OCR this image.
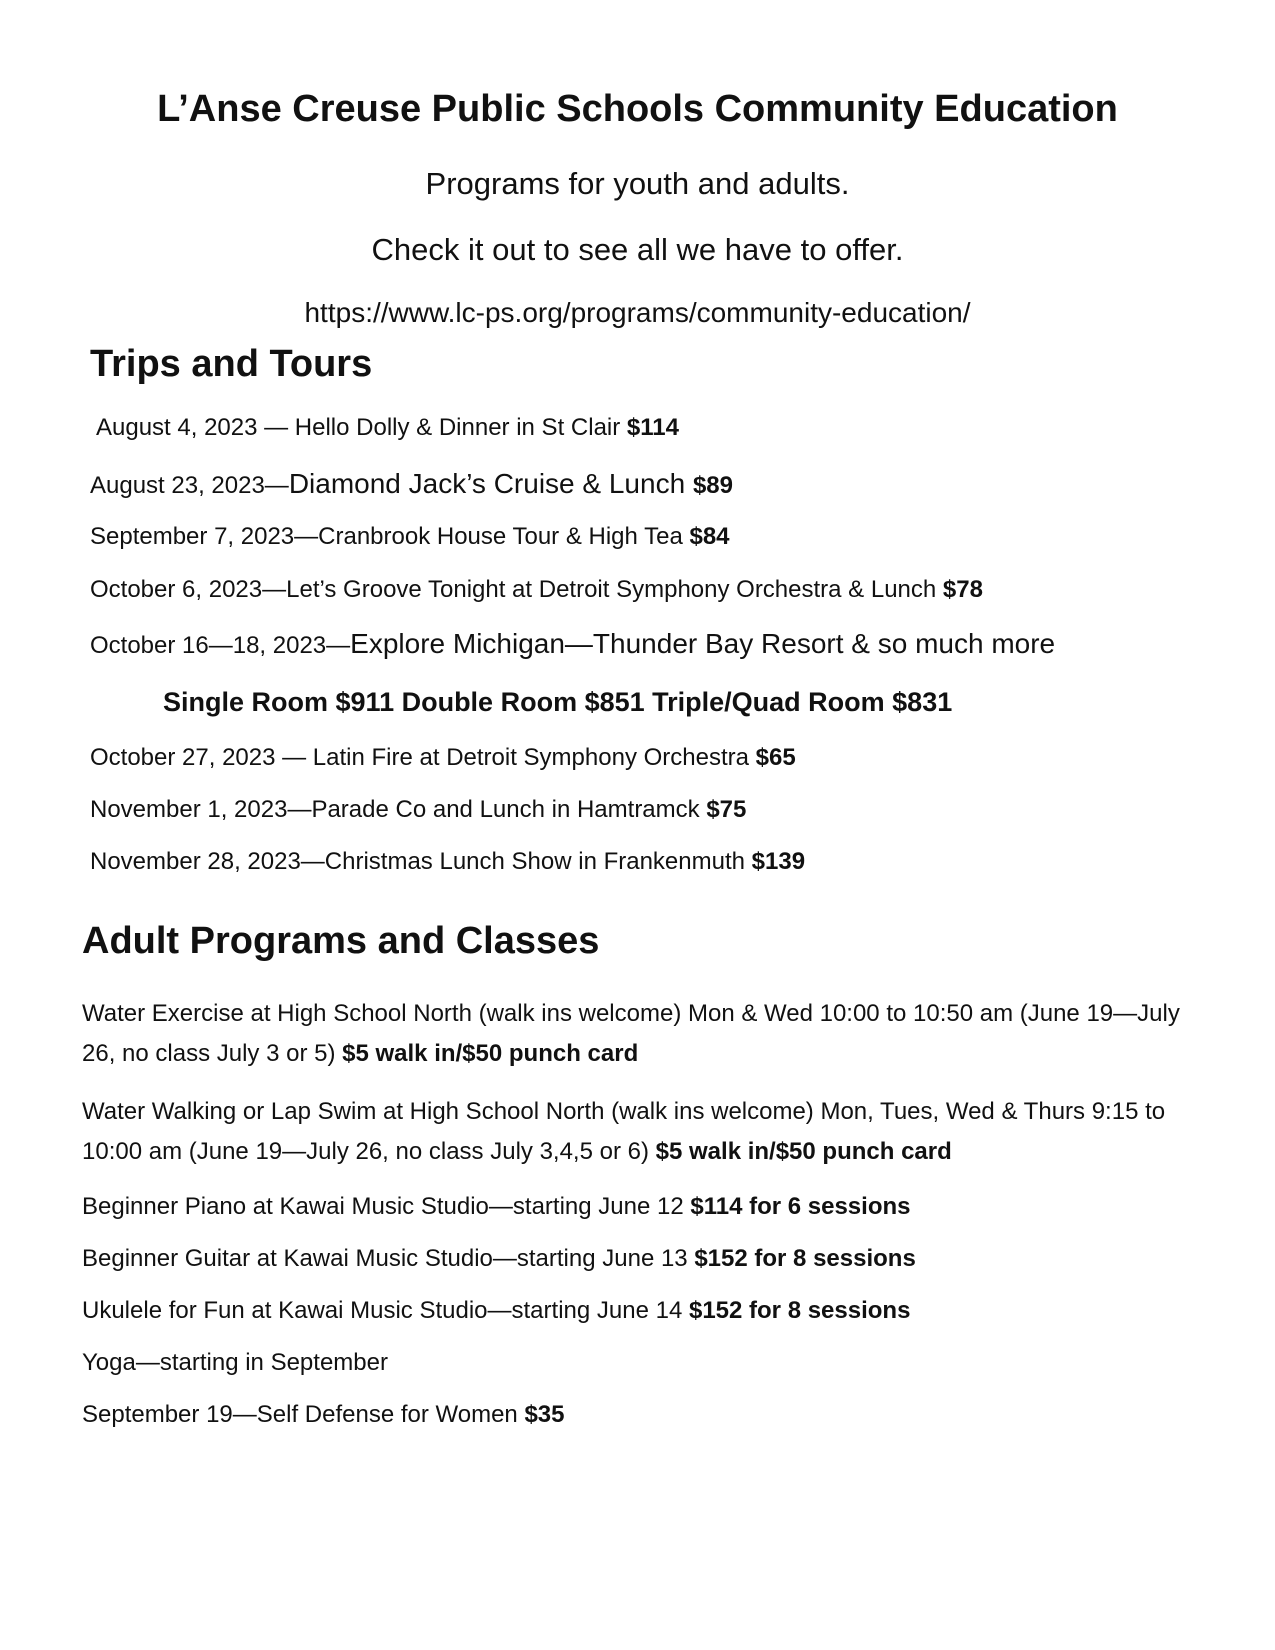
L’Anse Creuse Public Schools Community Education
Programs for youth and adults.
Check it out to see all we have to offer.
https://www.lc-ps.org/programs/community-education/
Trips and Tours
August 4, 2023 — Hello Dolly & Dinner in St Clair $114
August 23, 2023—Diamond Jack’s Cruise & Lunch $89
September 7, 2023—Cranbrook House Tour & High Tea $84
October 6, 2023—Let’s Groove Tonight at Detroit Symphony Orchestra & Lunch $78
October 16—18, 2023—Explore Michigan—Thunder Bay Resort & so much more
Single Room $911 Double Room $851 Triple/Quad Room $831
October 27, 2023 — Latin Fire at Detroit Symphony Orchestra $65
November 1, 2023—Parade Co and Lunch in Hamtramck $75
November 28, 2023—Christmas Lunch Show in Frankenmuth $139
Adult Programs and Classes
Water Exercise at High School North (walk ins welcome) Mon & Wed 10:00 to 10:50 am (June 19—July 26, no class July 3 or 5) $5 walk in/$50 punch card
Water Walking or Lap Swim at High School North (walk ins welcome) Mon, Tues, Wed & Thurs 9:15 to 10:00 am (June 19—July 26, no class July 3,4,5 or 6) $5 walk in/$50 punch card
Beginner Piano at Kawai Music Studio—starting June 12 $114 for 6 sessions
Beginner Guitar at Kawai Music Studio—starting June 13 $152 for 8 sessions
Ukulele for Fun at Kawai Music Studio—starting June 14 $152 for 8 sessions
Yoga—starting in September
September 19—Self Defense for Women $35
